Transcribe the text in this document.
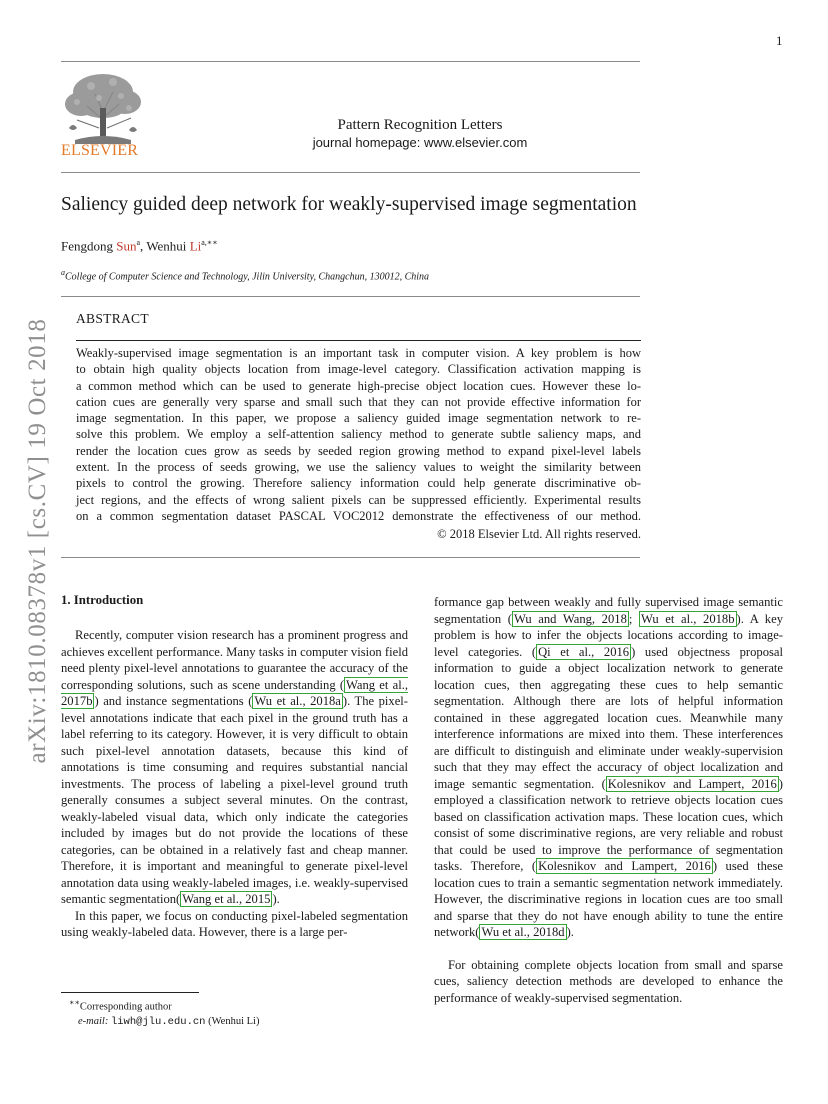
1
arXiv:1810.08378v1 [cs.CV] 19 Oct 2018
ELSEVIER
Pattern Recognition Letters
journal homepage: www.elsevier.com
Saliency guided deep network for weakly-supervised image segmentation
Fengdong Sun$^a$, Wenhui $Li^{a,∗∗}$
$^a$College of Computer Science and Technology, Jilin University, Changchun, 130012, China
ABSTRACT
Weakly-supervised image segmentation is an important task in computer vision. A key problem is how
to obtain high quality objects location from image-level category. Classification activation mapping is
a common method which can be used to generate high-precise object location cues. However these lo-
cation cues are generally very sparse and small such that they can not provide effective information for
image segmentation. In this paper, we propose a saliency guided image segmentation network to re-
solve this problem. We employ a self-attention saliency method to generate subtle saliency maps, and
render the location cues grow as seeds by seeded region growing method to expand pixel-level labels
extent. In the process of seeds growing, we use the saliency values to weight the similarity between
pixels to control the growing. Therefore saliency information could help generate discriminative ob-
ject regions, and the effects of wrong salient pixels can be suppressed efficiently. Experimental results
on a common segmentation dataset PASCAL VOC2012 demonstrate the effectiveness of our method.
© 2018 Elsevier Ltd. All rights reserved.
1. Introduction

Recently, computer vision research has a prominent progress and achieves excellent performance. Many tasks in computer vision field need plenty pixel-level annotations to guarantee the accuracy of the corresponding solutions, such as scene understanding ( Wang et al., 2017b ) and instance segmentations ( Wu et al., 2018a ). The pixel-level annotations indicate that each pixel in the ground truth has a label referring to its category. However, it is very difficult to obtain such pixel-level annotation datasets, because this kind of annotations is time consuming and requires substantial nancial investments. The process of labeling a pixel-level ground truth generally consumes a subject several minutes. On the contrast, weakly-labeled visual data, which only indicate the categories included by images but do not provide the locations of these categories, can be obtained in a relatively fast and cheap manner. Therefore, it is important and meaningful to generate pixel-level annotation data using weakly-labeled images, i.e. weakly-supervised semantic segmentation( Wang et al., 2015 ).

In this paper, we focus on conducting pixel-labeled segmentation using weakly-labeled data. However, there is a large per-

formance gap between weakly and fully supervised image semantic segmentation ( Wu and Wang, 2018 ; Wu et al., 2018b ). A key problem is how to infer the objects locations according to image-level categories. ( Qi et al., 2016 ) used objectness proposal information to guide a object localization network to generate location cues, then aggregating these cues to help semantic segmentation. Although there are lots of helpful information contained in these aggregated location cues. Meanwhile many interference informations are mixed into them. These interferences are difficult to distinguish and eliminate under weakly-supervision such that they may effect the accuracy of object localization and image semantic segmentation. ( Kolesnikov and Lampert, 2016 ) employed a classification network to retrieve objects location cues based on classification activation maps. These location cues, which consist of some discriminative regions, are very reliable and robust that could be used to improve the performance of segmentation tasks. Therefore, ( Kolesnikov and Lampert, 2016 ) used these location cues to train a semantic segmentation network immediately. However, the discriminative regions in location cues are too small and sparse that they do not have enough ability to tune the entire network( Wu et al., 2018d ).

For obtaining complete objects location from small and sparse cues, saliency detection methods are developed to enhance the performance of weakly-supervised segmentation.

∗∗Corresponding author
e-mail: liwh@jlu.edu.cn (Wenhui Li)
